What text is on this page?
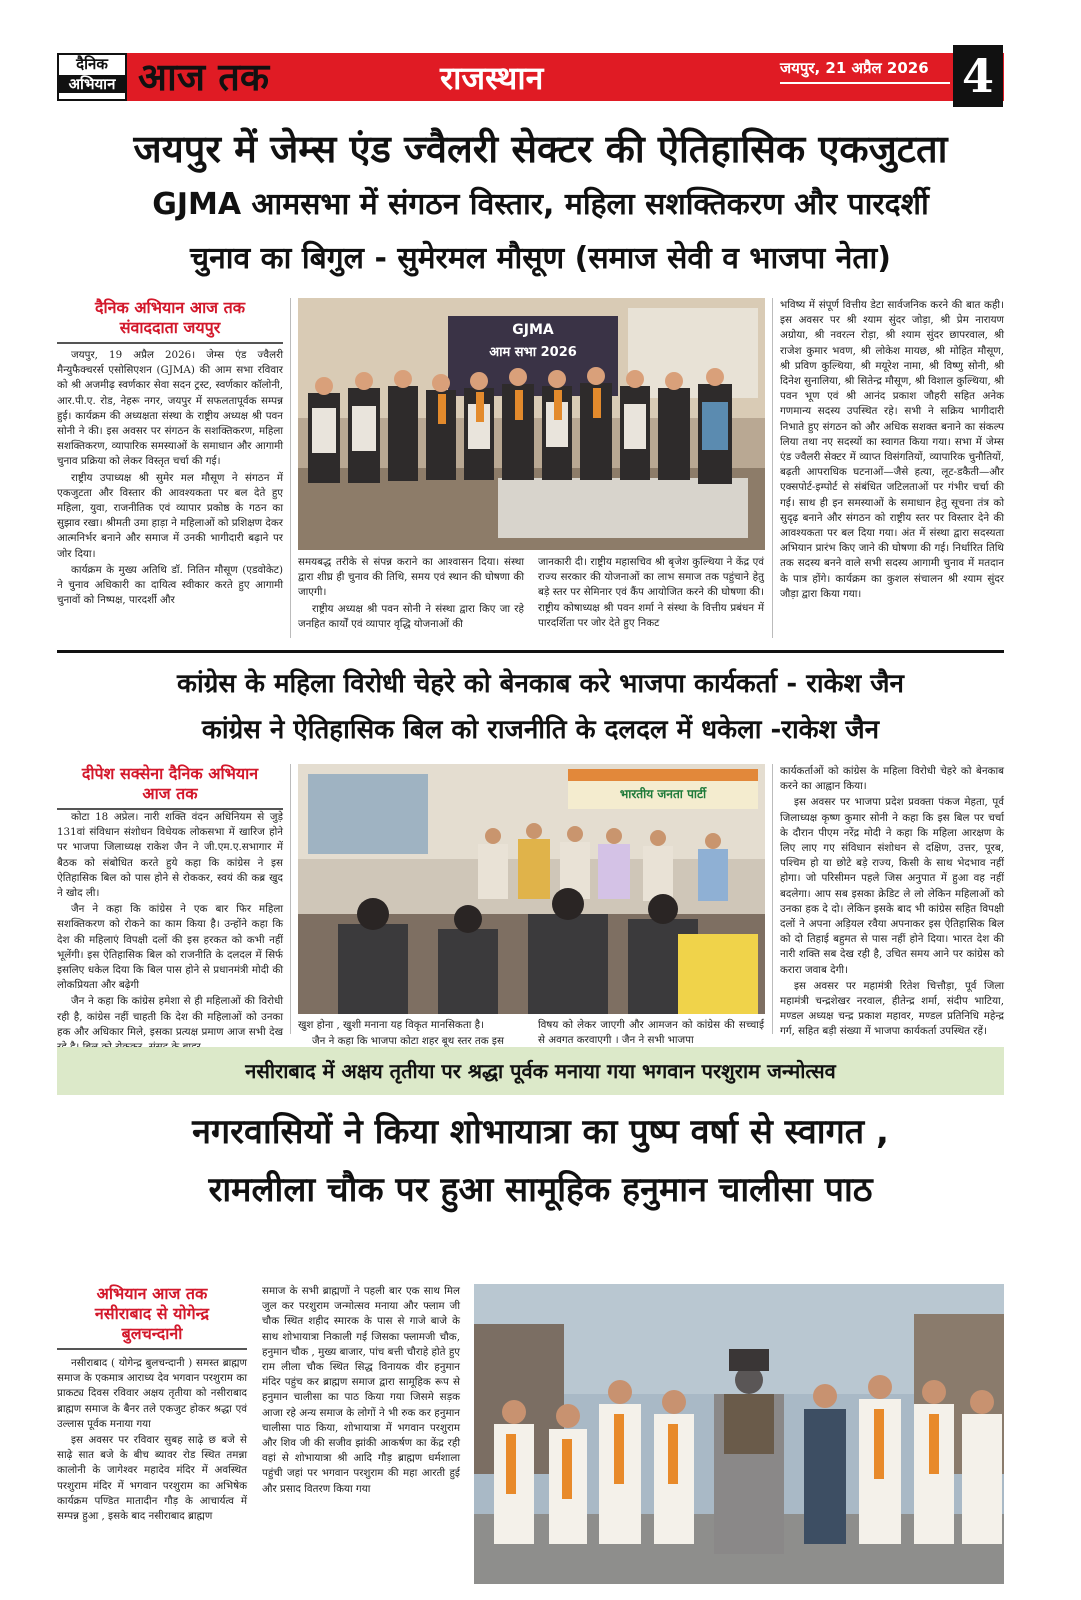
दैनिक
अभियान आज तक	राजस्थान	जयपुर, 21 अप्रैल 2026 4
जयपुर में जेम्स एंड ज्वैलरी सेक्टर की ऐतिहासिक एकजुटता
GJMA आमसभा में संगठन विस्तार, महिला सशक्तिकरण और पारदर्शी
चुनाव का बिगुल - सुमेरमल मौसूण (समाज सेवी व भाजपा नेता)
दैनिक अभियान आज तक
संवाददाता जयपुर

जयपुर, 19 अप्रैल 2026। जेम्स एंड ज्वैलरी मैन्युफैक्चरर्स एसोसिएशन (GJMA) की आम सभा रविवार को श्री अजमीढ़ स्वर्णकार सेवा सदन ट्रस्ट, स्वर्णकार कॉलोनी, आर.पी.ए. रोड, नेहरू नगर, जयपुर में सफलतापूर्वक सम्पन्न हुई। कार्यक्रम की अध्यक्षता संस्था के राष्ट्रीय अध्यक्ष श्री पवन सोनी ने की। इस अवसर पर संगठन के सशक्तिकरण, महिला सशक्तिकरण, व्यापारिक समस्याओं के समाधान और आगामी चुनाव प्रक्रिया को लेकर विस्तृत चर्चा की गई।

राष्ट्रीय उपाध्यक्ष श्री सुमेर मल मौसूण ने संगठन में एकजुटता और विस्तार की आवश्यकता पर बल देते हुए महिला, युवा, राजनीतिक एवं व्यापार प्रकोष्ठ के गठन का सुझाव रखा। श्रीमती उमा हाड़ा ने महिलाओं को प्रशिक्षण देकर आत्मनिर्भर बनाने और समाज में उनकी भागीदारी बढ़ाने पर जोर दिया।

कार्यक्रम के मुख्य अतिथि डॉ. नितिन मौसूण (एडवोकेट) ने चुनाव अधिकारी का दायित्व स्वीकार करते हुए आगामी चुनावों को निष्पक्ष, पारदर्शी और

GJMA
आम सभा 2026

समयबद्ध तरीके से संपन्न कराने का आश्वासन दिया। संस्था द्वारा शीघ्र ही चुनाव की तिथि, समय एवं स्थान की घोषणा की जाएगी।

राष्ट्रीय अध्यक्ष श्री पवन सोनी ने संस्था द्वारा किए जा रहे जनहित कार्यों एवं व्यापार वृद्धि योजनाओं की

जानकारी दी। राष्ट्रीय महासचिव श्री बृजेश कुल्थिया ने केंद्र एवं राज्य सरकार की योजनाओं का लाभ समाज तक पहुंचाने हेतु बड़े स्तर पर सेमिनार एवं कैंप आयोजित करने की घोषणा की। राष्ट्रीय कोषाध्यक्ष श्री पवन शर्मा ने संस्था के वित्तीय प्रबंधन में पारदर्शिता पर जोर देते हुए निकट

भविष्य में संपूर्ण वित्तीय डेटा सार्वजनिक करने की बात कही। इस अवसर पर श्री श्याम सुंदर जोड़ा, श्री प्रेम नारायण अग्रोया, श्री नवरत्न रोड़ा, श्री श्याम सुंदर छापरवाल, श्री राजेश कुमार भवण, श्री लोकेश मायछ, श्री मोहित मौसूण, श्री प्रविण कुल्थिया, श्री मयूरेश नामा, श्री विष्णु सोनी, श्री दिनेश सुनालिया, श्री सितेन्द्र मौसूण, श्री विशाल कुल्थिया, श्री पवन भूण एवं श्री आनंद प्रकाश जौहरी सहित अनेक गणमान्य सदस्य उपस्थित रहे। सभी ने सक्रिय भागीदारी निभाते हुए संगठन को और अधिक सशक्त बनाने का संकल्प लिया तथा नए सदस्यों का स्वागत किया गया। सभा में जेम्स एंड ज्वैलरी सेक्टर में व्याप्त विसंगतियों, व्यापारिक चुनौतियों, बढ़ती आपराधिक घटनाओं—जैसे हत्या, लूट-डकैती—और एक्सपोर्ट-इम्पोर्ट से संबंधित जटिलताओं पर गंभीर चर्चा की गई। साथ ही इन समस्याओं के समाधान हेतु सूचना तंत्र को सुदृढ़ बनाने और संगठन को राष्ट्रीय स्तर पर विस्तार देने की आवश्यकता पर बल दिया गया। अंत में संस्था द्वारा सदस्यता अभियान प्रारंभ किए जाने की घोषणा की गई। निर्धारित तिथि तक सदस्य बनने वाले सभी सदस्य आगामी चुनाव में मतदान के पात्र होंगे। कार्यक्रम का कुशल संचालन श्री श्याम सुंदर जौड़ा द्वारा किया गया।

कांग्रेस के महिला विरोधी चेहरे को बेनकाब करे भाजपा कार्यकर्ता - राकेश जैन
कांग्रेस ने ऐतिहासिक बिल को राजनीति के दलदल में धकेला -राकेश जैन
दीपेश सक्सेना दैनिक अभियान
आज तक

कोटा 18 अप्रेल। नारी शक्ति वंदन अधिनियम से जुड़े 131वां संविधान संशोधन विधेयक लोकसभा में खारिज होने पर भाजपा जिलाध्यक्ष राकेश जैन ने जी.एम.ए.सभागार में बैठक को संबोधित करते हुये कहा कि कांग्रेस ने इस ऐतिहासिक बिल को पास होने से रोककर, स्वयं की कब्र खुद ने खोद ली।

जैन ने कहा कि कांग्रेस ने एक बार फिर महिला सशक्तिकरण को रोकने का काम किया है। उन्होंने कहा कि देश की महिलाएं विपक्षी दलों की इस हरकत को कभी नहीं भूलेंगी। इस ऐतिहासिक बिल को राजनीति के दलदल में सिर्फ इसलिए धकेल दिया कि बिल पास होने से प्रधानमंत्री मोदी की लोकप्रियता और बढ़ेगी

जैन ने कहा कि कांग्रेस हमेशा से ही महिलाओं की विरोधी रही है, कांग्रेस नहीं चाहती कि देश की महिलाओं को उनका हक और अधिकार मिले, इसका प्रत्यक्ष प्रमाण आज सभी देख

भारतीय जनता पार्टी

खुश होना , खुशी मनाना यह विकृत मानसिकता है।

जैन ने कहा कि भाजपा कोटा शहर बूथ स्तर तक इस

विषय को लेकर जाएगी और आमजन को कांग्रेस की सच्चाई से अवगत करवाएगी । जैन ने सभी भाजपा

कार्यकर्ताओं को कांग्रेस के महिला विरोधी चेहरे को बेनकाब करने का आह्वान किया।

इस अवसर पर भाजपा प्रदेश प्रवक्ता पंकज मेहता, पूर्व जिलाध्यक्ष कृष्ण कुमार सोनी ने कहा कि इस बिल पर चर्चा के दौरान पीएम नरेंद्र मोदी ने कहा कि महिला आरक्षण के लिए लाए गए संविधान संशोधन से दक्षिण, उत्तर, पूरब, पश्चिम हो या छोटे बड़े राज्य, किसी के साथ भेदभाव नहीं होगा। जो परिसीमन पहले जिस अनुपात में हुआ वह नहीं बदलेगा। आप सब इसका क्रेडिट ले लो लेकिन महिलाओं को उनका हक दे दो। लेकिन इसके बाद भी कांग्रेस सहित विपक्षी दलों ने अपना अड़ियल रवैया अपनाकर इस ऐतिहासिक बिल को दो तिहाई बहुमत से पास नहीं होने दिया। भारत देश की नारी शक्ति सब देख रही है, उचित समय आने पर कांग्रेस को करारा जवाब देगी।

इस अवसर पर महामंत्री रितेश चित्तौड़ा, पूर्व जिला महामंत्री चन्द्रशेखर नरवाल, हीतेन्द्र शर्मा, संदीप भाटिया, मण्डल अध्यक्ष चन्द्र प्रकाश महावर, मण्डल प्रतिनिधि महेन्द्र गर्ग, सहित बड़ी संख्या में भाजपा कार्यकर्ता उपस्थित रहें।

नसीराबाद में अक्षय तृतीया पर श्रद्धा पूर्वक मनाया गया भगवान परशुराम जन्मोत्सव
नगरवासियों ने किया शोभायात्रा का पुष्प वर्षा से स्वागत ,
रामलीला चौक पर हुआ सामूहिक हनुमान चालीसा पाठ
अभियान आज तक
नसीराबाद से योगेन्द्र
बुलचन्दानी

नसीराबाद ( योगेन्द्र बुलचन्दानी ) समस्त ब्राह्मण समाज के एकमात्र आराध्य देव भगवान परशुराम का प्राकट्य दिवस रविवार अक्षय तृतीया को नसीराबाद ब्राह्मण समाज के बैनर तले एकजुट होकर श्रद्धा एवं उल्लास पूर्वक मनाया गया

इस अवसर पर रविवार सुबह साढ़े छ बजे से साढ़े सात बजे के बीच ब्यावर रोड स्थित तमन्ना कालोनी के जागेश्वर महादेव मंदिर में अवस्थित परशुराम मंदिर में भगवान परशुराम का अभिषेक कार्यक्रम पण्डित मातादीन गौड़ के आचार्यत्व में सम्पन्न हुआ , इसके बाद नसीराबाद ब्राह्मण

समाज के सभी ब्राह्मणों ने पहली बार एक साथ मिल जुल कर परशुराम जन्मोत्सव मनाया और फ्लाम जी चौक स्थित शहीद स्मारक के पास से गाजे बाजे के साथ शोभायात्रा निकाली गई जिसका फ्लामजी चौक, हनुमान चौक , मुख्य बाजार, पांच बत्ती चौराहे होते हुए राम लीला चौक स्थित सिद्ध विनायक वीर हनुमान मंदिर पहुंच कर ब्राह्मण समाज द्वारा सामूहिक रूप से हनुमान चालीसा का पाठ किया गया जिसमे सड़क आजा रहे अन्य समाज के लोगों ने भी रुक कर हनुमान चालीसा पाठ किया, शोभायात्रा में भगवान परशुराम और शिव जी की सजीव झांकी आकर्षण का केंद्र रही वहां से शोभायात्रा श्री आदि गौड़ ब्राह्मण धर्मशाला पहुंची जहां पर भगवान परशुराम की महा आरती हुई और प्रसाद वितरण किया गया
